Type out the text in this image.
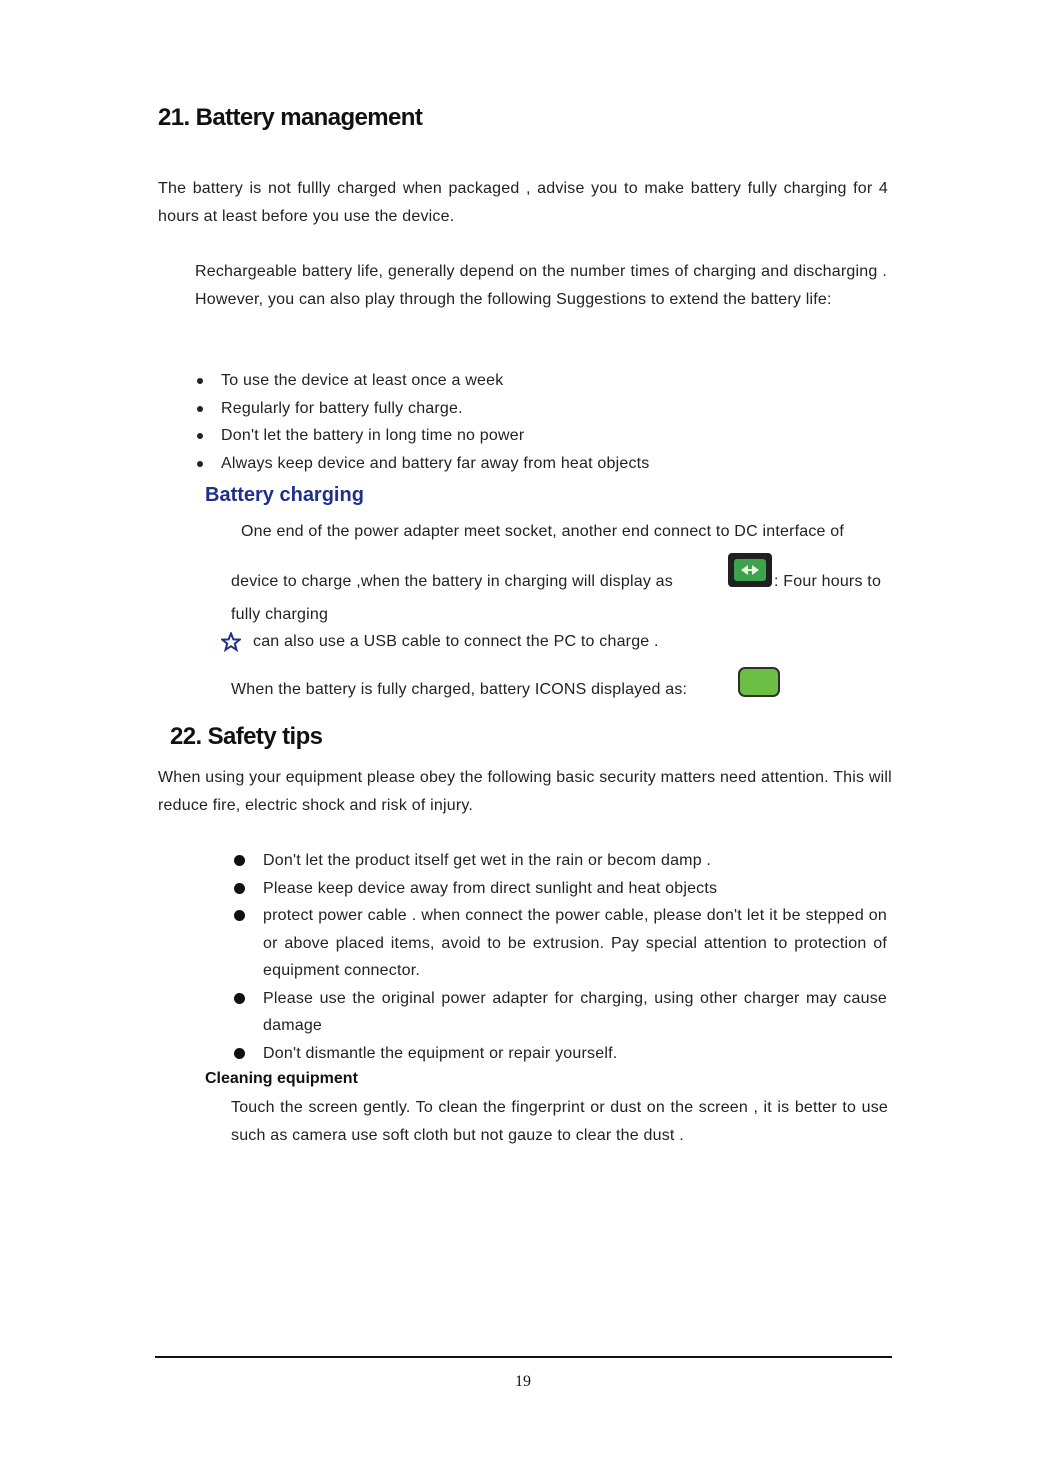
21. Battery management
The battery is not fullly charged when packaged , advise you to make battery fully charging for 4 hours at least before you use the device.
Rechargeable battery life, generally depend on the number times of charging and discharging . However, you can also play through the following Suggestions to extend the battery life:
To use the device at least once a week
Regularly for battery fully charge.
Don't let the battery in long time no power
Always keep device and battery far away from heat objects
Battery charging
One end of the power adapter meet socket, another end connect to DC interface of
device to charge ,when the battery in charging will display as	: Four hours to
fully charging
can also use a USB cable to connect the PC to charge .
When the battery is fully charged, battery ICONS displayed as:
22. Safety tips
When using your equipment please obey the following basic security matters need attention. This will reduce fire, electric shock and risk of injury.
Don't let the product itself get wet in the rain or becom damp .
Please keep device away from direct sunlight and heat objects
protect power cable . when connect the power cable, please don't let it be stepped on or above placed items, avoid to be extrusion. Pay special attention to protection of equipment connector.
Please use the original power adapter for charging, using other charger may cause damage
Don't dismantle the equipment or repair yourself.
Cleaning equipment
Touch the screen gently. To clean the fingerprint or dust on the screen , it is better to use such as camera use soft cloth but not gauze to clear the dust .
19
